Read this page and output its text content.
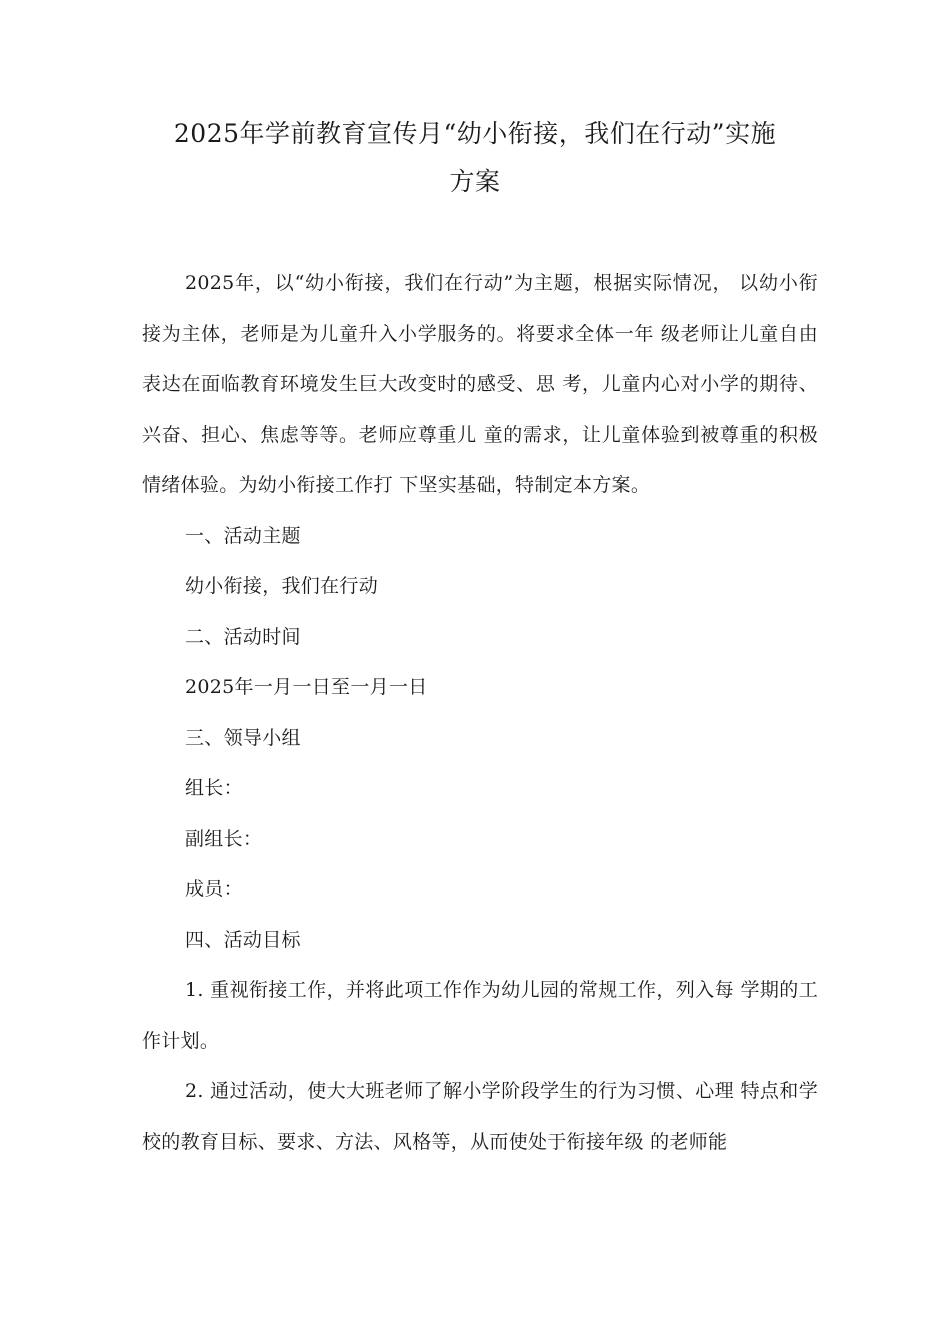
2025年学前教育宣传月“幼小衔接，我们在行动”实施
方案

2025年，以“幼小衔接，我们在行动”为主题，根据实际情况， 以幼小衔接为主体，老师是为儿童升入小学服务的。将要求全体一年 级老师让儿童自由表达在面临教育环境发生巨大改变时的感受、思 考，儿童内心对小学的期待、兴奋、担心、焦虑等等。老师应尊重儿 童的需求，让儿童体验到被尊重的积极情绪体验。为幼小衔接工作打 下坚实基础，特制定本方案。

一、活动主题

幼小衔接，我们在行动

二、活动时间

2025年一月一日至一月一日

三、领导小组

组长：

副组长：

成员：

四、活动目标

1. 重视衔接工作，并将此项工作作为幼儿园的常规工作，列入每 学期的工作计划。

2. 通过活动，使大大班老师了解小学阶段学生的行为习惯、心理 特点和学校的教育目标、要求、方法、风格等，从而使处于衔接年级 的老师能
